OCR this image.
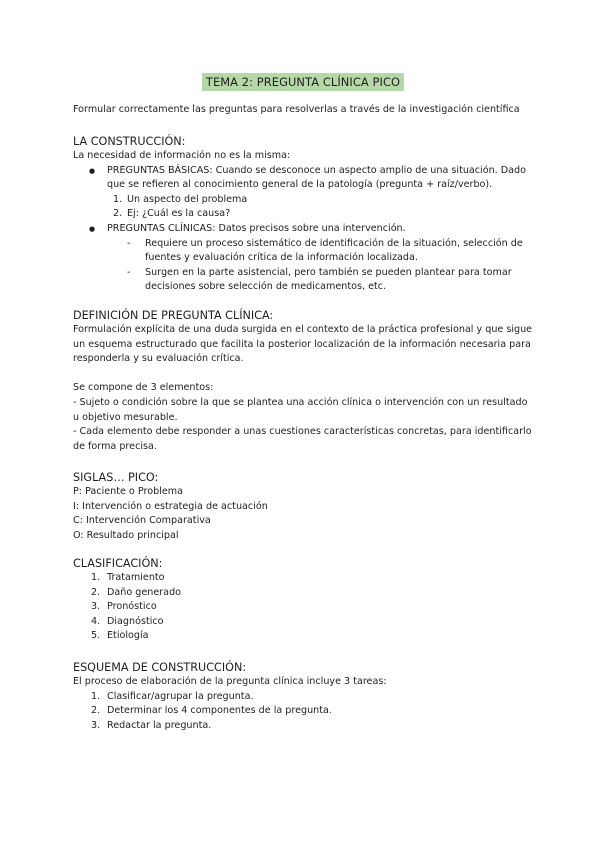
TEMA 2: PREGUNTA CLÍNICA PICO
Formular correctamente las preguntas para resolverlas a través de la investigación científica
LA CONSTRUCCIÓN:

La necesidad de información no es la misma:

● PREGUNTAS BÁSICAS: Cuando se desconoce un aspecto amplio de una situación. Dado que se refieren al conocimiento general de la patología (pregunta + raíz/verbo).
1. Un aspecto del problema
2. Ej: ¿Cuál es la causa?
● PREGUNTAS CLÍNICAS: Datos precisos sobre una intervención.
- Requiere un proceso sistemático de identificación de la situación, selección de fuentes y evaluación crítica de la información localizada.
- Surgen en la parte asistencial, pero también se pueden plantear para tomar decisiones sobre selección de medicamentos, etc.
DEFINICIÓN DE PREGUNTA CLÍNICA:

Formulación explícita de una duda surgida en el contexto de la práctica profesional y que sigue un esquema estructurado que facilita la posterior localización de la información necesaria para responderla y su evaluación crítica.

Se compone de 3 elementos:

- Sujeto o condición sobre la que se plantea una acción clínica o intervención con un resultado u objetivo mesurable.

- Cada elemento debe responder a unas cuestiones características concretas, para identificarlo de forma precisa.

SIGLAS… PICO:

P: Paciente o Problema

I: Intervención o estrategia de actuación

C: Intervención Comparativa

O: Resultado principal

CLASIFICACIÓN:
1. Tratamiento
2. Daño generado
3. Pronóstico
4. Diagnóstico
5. Etiología
ESQUEMA DE CONSTRUCCIÓN:

El proceso de elaboración de la pregunta clínica incluye 3 tareas:

1. Clasificar/agrupar la pregunta.
2. Determinar los 4 componentes de la pregunta.
3. Redactar la pregunta.
